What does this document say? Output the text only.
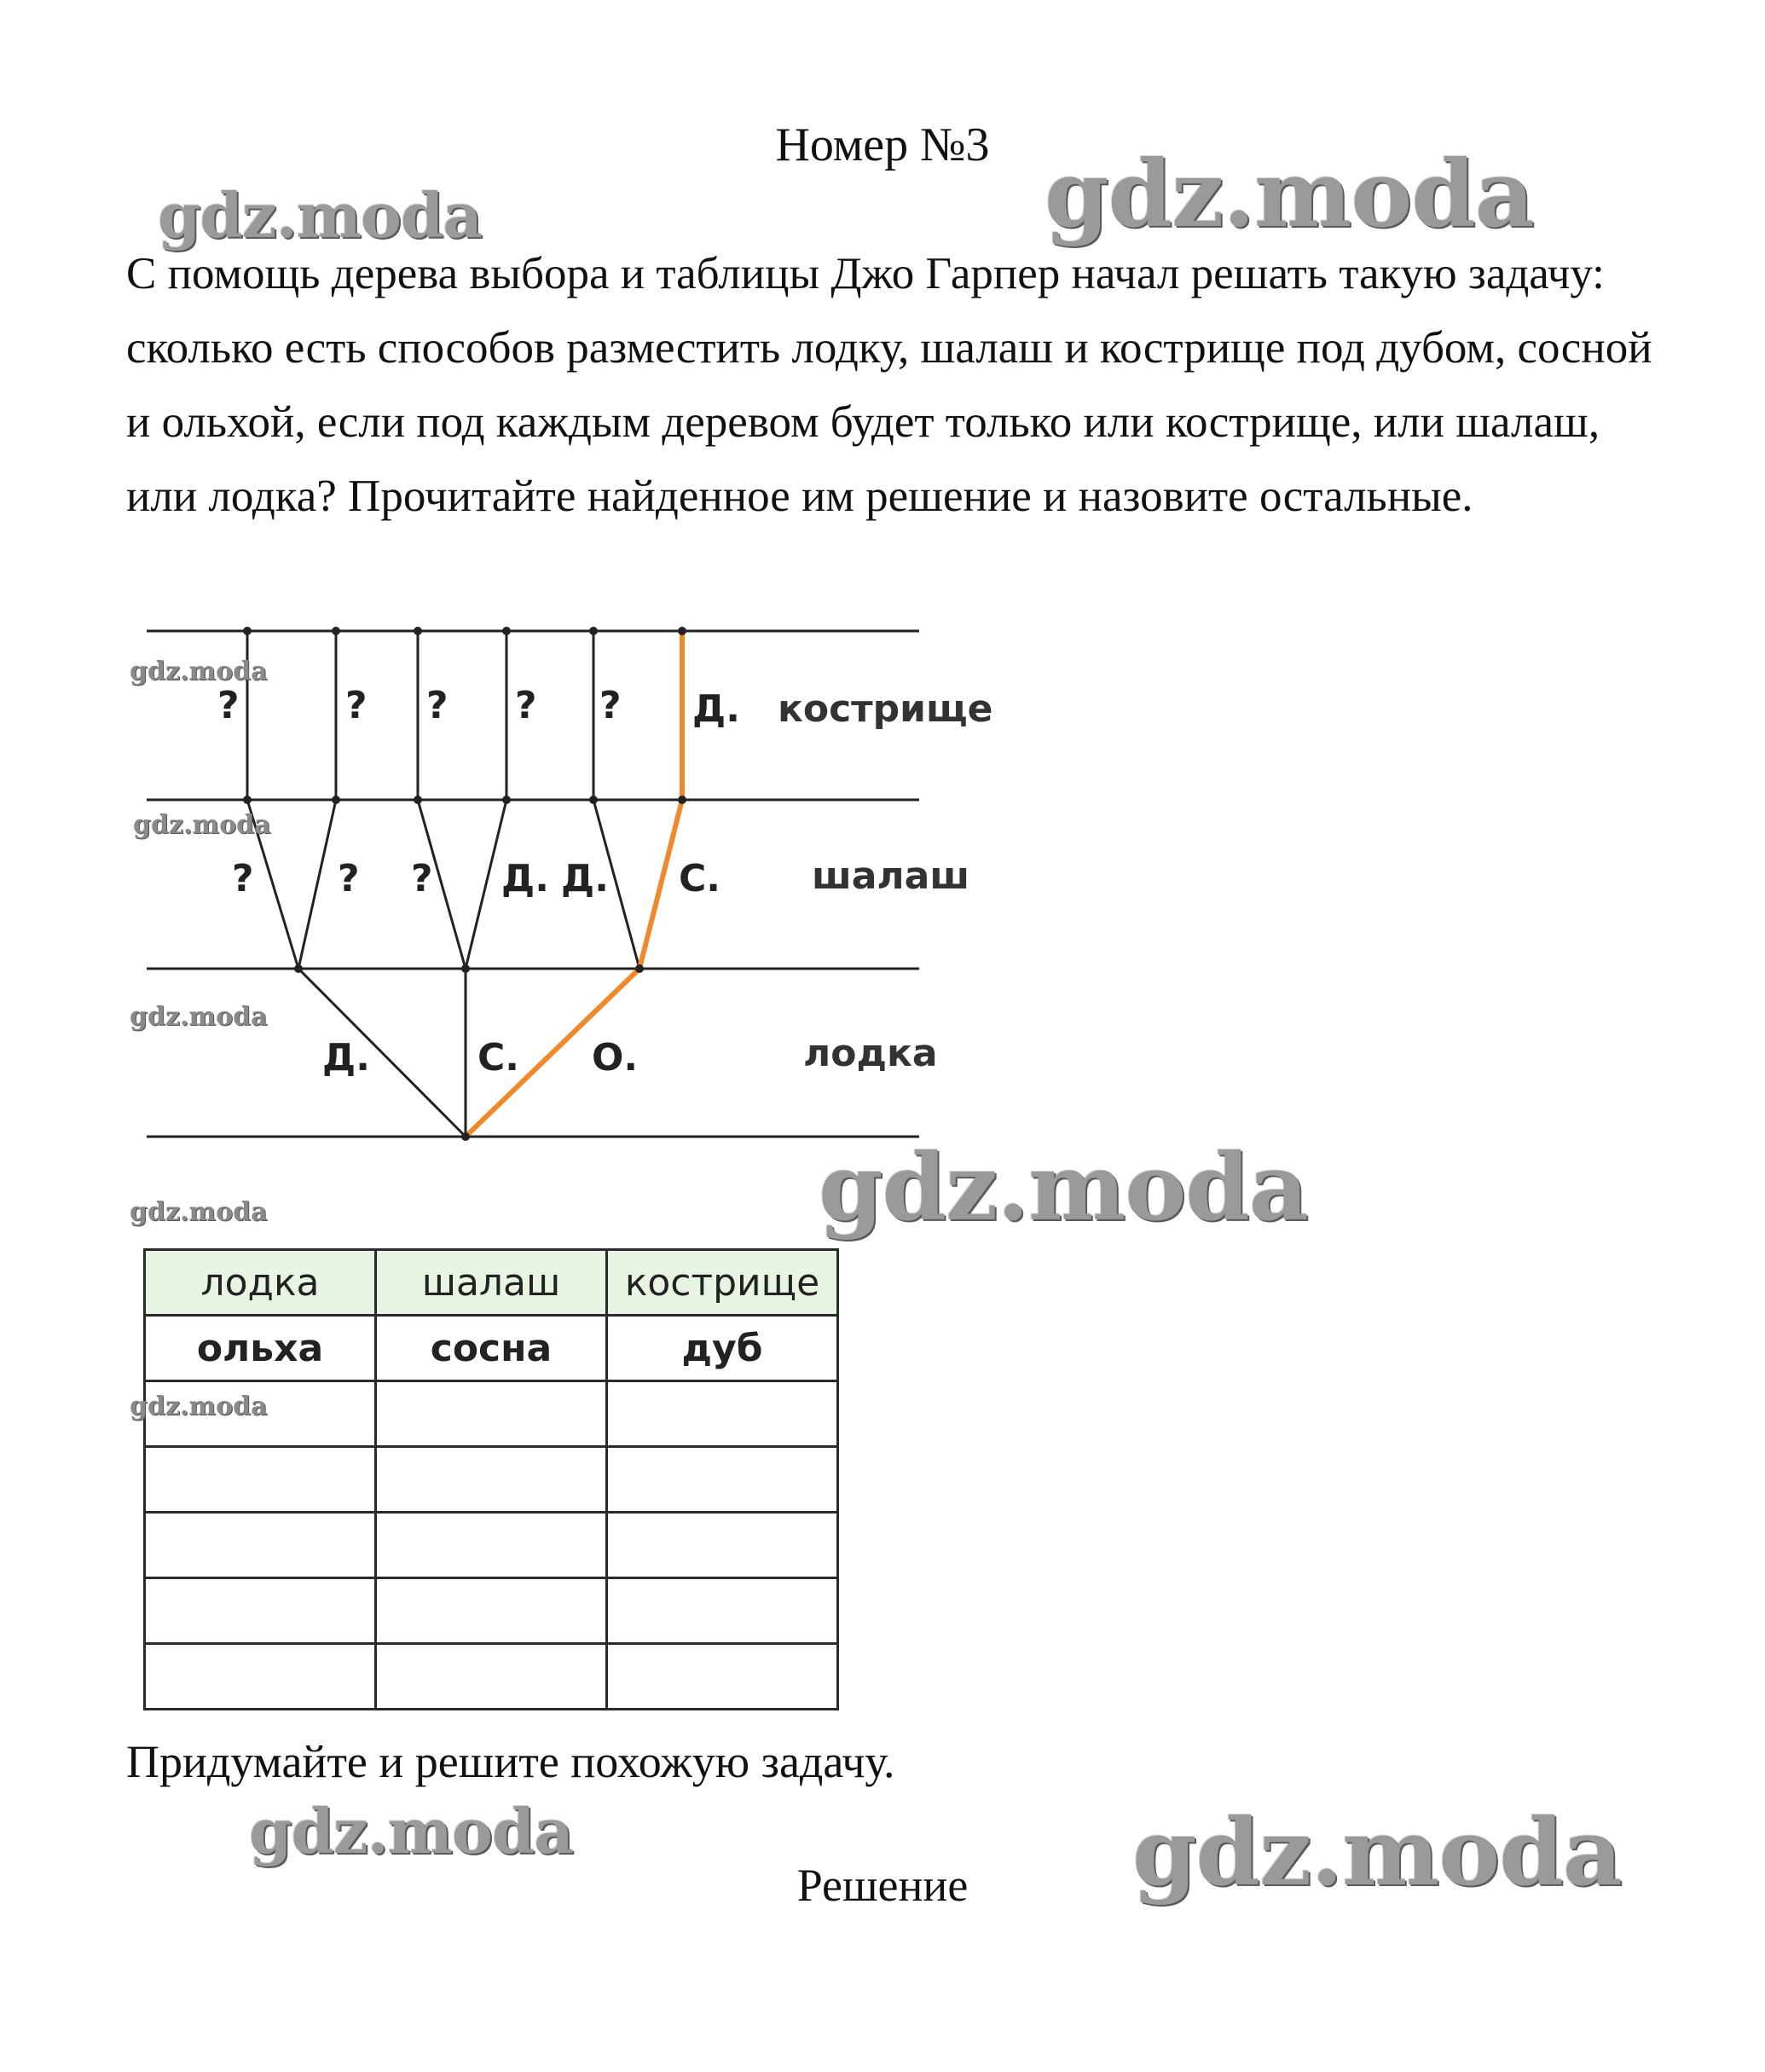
Номер №3

С помощь дерева выбора и таблицы Джо Гарпер начал решать такую задачу: сколько есть способов разместить лодку, шалаш и кострище под дубом, сосной и ольхой, если под каждым деревом будет только или кострище, или шалаш, или лодка? Прочитайте найденное им решение и назовите остальные.

?	? ? ? ? Д. кострище
? ? ? Д. Д. С. шалаш
Д.	С. О.	лодка
лодка	шалаш	кострище
ольха	сосна	дуб

Придумайте и решите похожую задачу.
Решение
gdz.moda	gdz.moda
gdz.moda
gdz.moda
gdz.moda
gdz.moda
gdz.moda
gdz.moda
gdz.moda	gdz.moda
